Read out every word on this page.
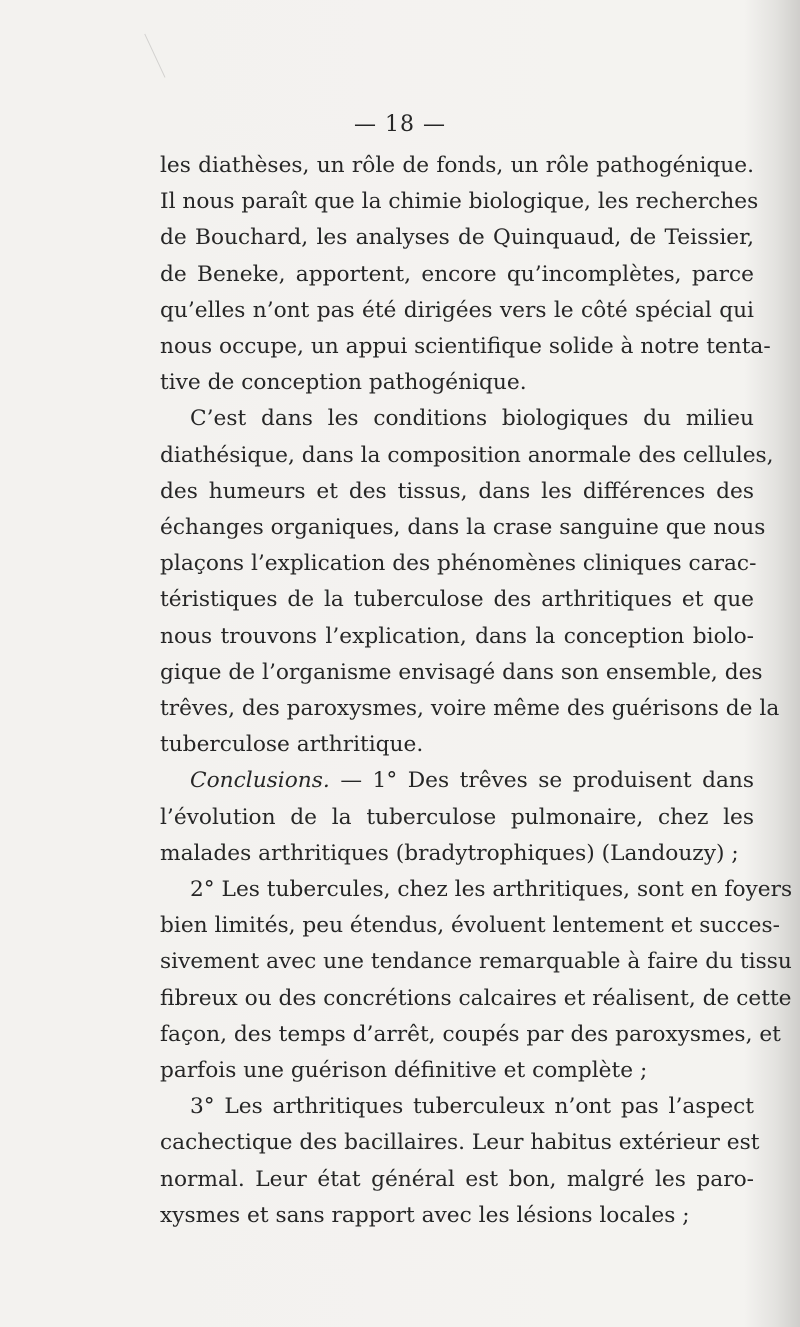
— 18 —
les diathèses, un rôle de fonds, un rôle pathogénique.
Il nous paraît que la chimie biologique, les recherches
de Bouchard, les analyses de Quinquaud, de Teissier,
de Beneke, apportent, encore qu’incomplètes, parce
qu’elles n’ont pas été dirigées vers le côté spécial qui
nous occupe, un appui scientifique solide à notre tenta-
tive de conception pathogénique.
C’est dans les conditions biologiques du milieu
diathésique, dans la composition anormale des cellules,
des humeurs et des tissus, dans les différences des
échanges organiques, dans la crase sanguine que nous
plaçons l’explication des phénomènes cliniques carac-
téristiques de la tuberculose des arthritiques et que
nous trouvons l’explication, dans la conception biolo-
gique de l’organisme envisagé dans son ensemble, des
trêves, des paroxysmes, voire même des guérisons de la
tuberculose arthritique.
Conclusions. — 1° Des trêves se produisent dans
l’évolution de la tuberculose pulmonaire, chez les
malades arthritiques (bradytrophiques) (Landouzy) ;
2° Les tubercules, chez les arthritiques, sont en foyers
bien limités, peu étendus, évoluent lentement et succes-
sivement avec une tendance remarquable à faire du tissu
fibreux ou des concrétions calcaires et réalisent, de cette
façon, des temps d’arrêt, coupés par des paroxysmes, et
parfois une guérison définitive et complète ;
3° Les arthritiques tuberculeux n’ont pas l’aspect
cachectique des bacillaires. Leur habitus extérieur est
normal. Leur état général est bon, malgré les paro-
xysmes et sans rapport avec les lésions locales ;
